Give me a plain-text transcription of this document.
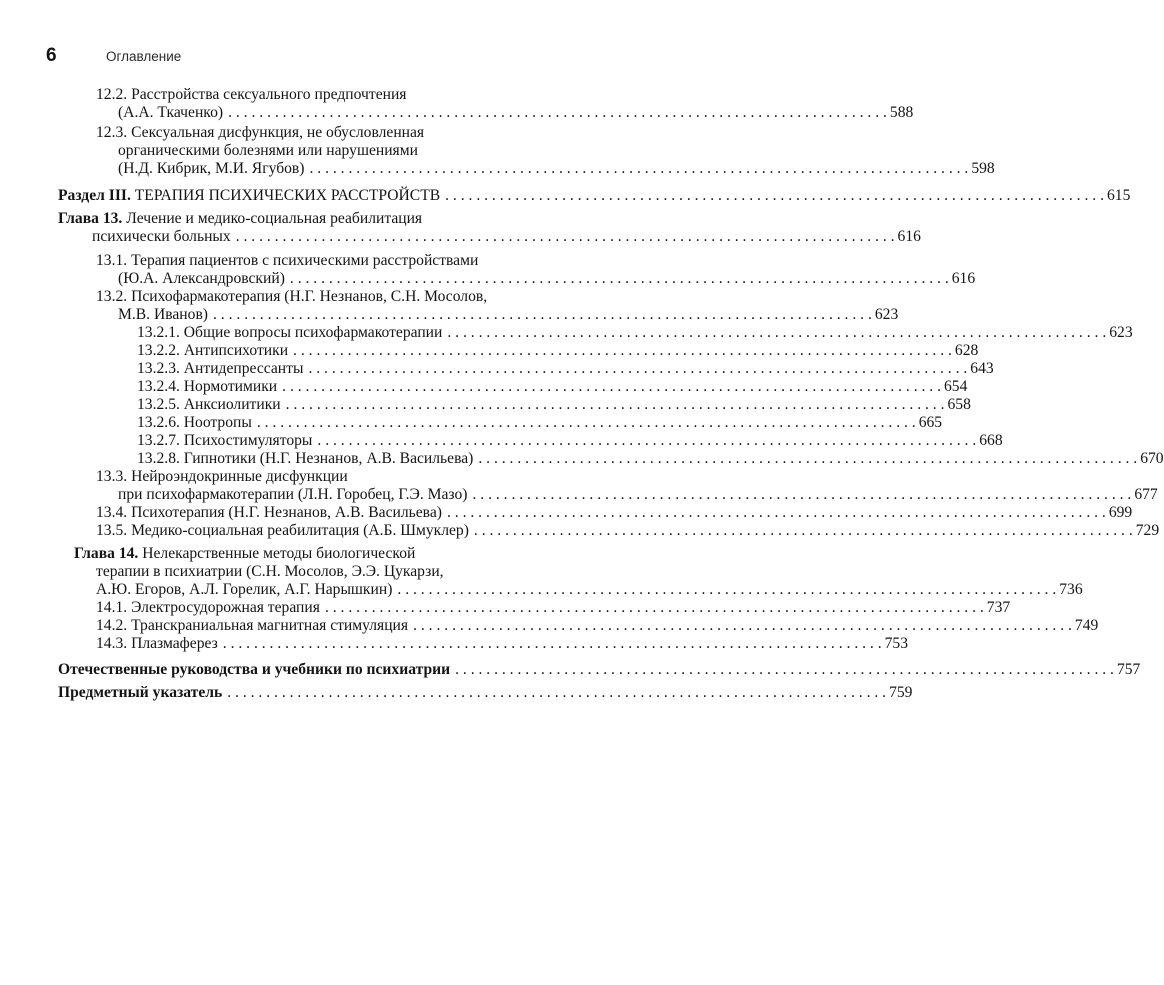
6	Оглавление
12.2. Расстройства сексуального предпочтения
(А.А. Ткаченко) . . .	588
12.3. Сексуальная дисфункция, не обусловленная
органическими болезнями или нарушениями
(Н.Д. Кибрик, М.И. Ягубов) . . .	598
Раздел III. ТЕРАПИЯ ПСИХИЧЕСКИХ РАССТРОЙСТВ . . .	615
Глава 13. Лечение и медико-социальная реабилитация
психически больных . . .	616
13.1. Терапия пациентов с психическими расстройствами
(Ю.А. Александровский) . . .	616
13.2. Психофармакотерапия (Н.Г. Незнанов, С.Н. Мосолов,
М.В. Иванов) . . .	623
13.2.1. Общие вопросы психофармакотерапии . . .	623
13.2.2. Антипсихотики . . .	628
13.2.3. Антидепрессанты . . .	643
13.2.4. Нормотимики . . .	654
13.2.5. Анксиолитики . . .	658
13.2.6. Ноотропы . . .	665
13.2.7. Психостимуляторы . . .	668
13.2.8. Гипнотики (Н.Г. Незнанов, А.В. Васильева) . . .	670
13.3. Нейроэндокринные дисфункции
при психофармакотерапии (Л.Н. Горобец, Г.Э. Мазо) . . .	677
13.4. Психотерапия (Н.Г. Незнанов, А.В. Васильева) . . .	699
13.5. Медико-социальная реабилитация (А.Б. Шмуклер) . . .	729
Глава 14. Нелекарственные методы биологической
терапии в психиатрии (С.Н. Мосолов, Э.Э. Цукарзи,
А.Ю. Егоров, А.Л. Горелик, А.Г. Нарышкин) . . .	736
14.1. Электросудорожная терапия . . .	737
14.2. Транскраниальная магнитная стимуляция . . .	749
14.3. Плазмаферез . . .	753
Отечественные руководства и учебники по психиатрии . . .	757
Предметный указатель . . .	759
